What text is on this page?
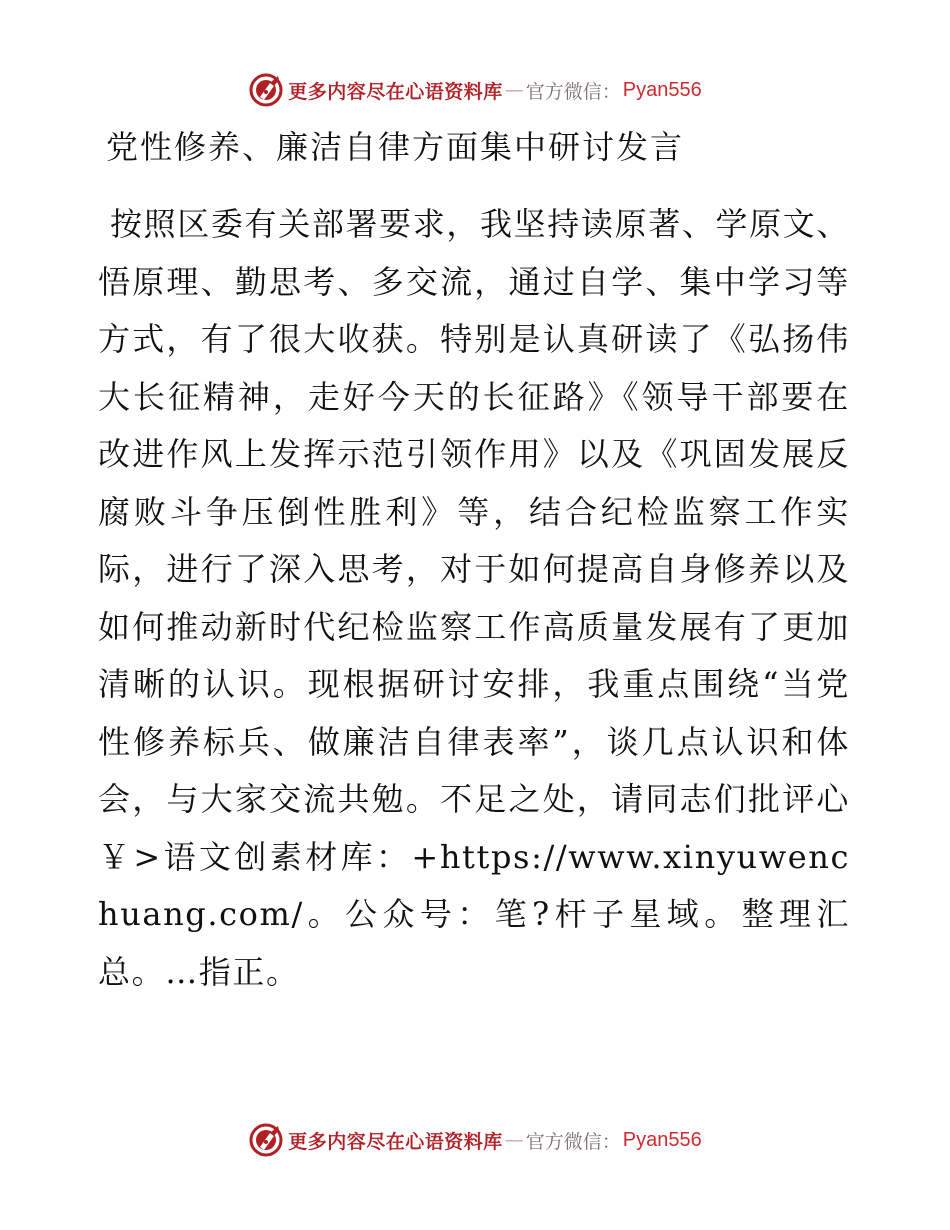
更多内容尽在心语资料库 — 官方微信： Pyan556
党性修养、廉洁自律方面集中研讨发言

按照区委有关部署要求，我坚持读原著、学原文、悟原理、勤思考、多交流，通过自学、集中学习等方式，有了很大收获。特别是认真研读了《弘扬伟大长征精神，走好今天的长征路》《领导干部要在改进作风上发挥示范引领作用》以及《巩固发展反腐败斗争压倒性胜利》等，结合纪检监察工作实际，进行了深入思考，对于如何提高自身修养以及如何推动新时代纪检监察工作高质量发展有了更加清晰的认识。现根据研讨安排，我重点围绕“当党性修养标兵、做廉洁自律表率”，谈几点认识和体会，与大家交流共勉。不足之处，请同志们批评心￥>语文创素材库：+https://www.xinyuwenchuang.com/。公众号：笔?杆子星域。整理汇总。…指正。

更多内容尽在心语资料库 — 官方微信： Pyan556
